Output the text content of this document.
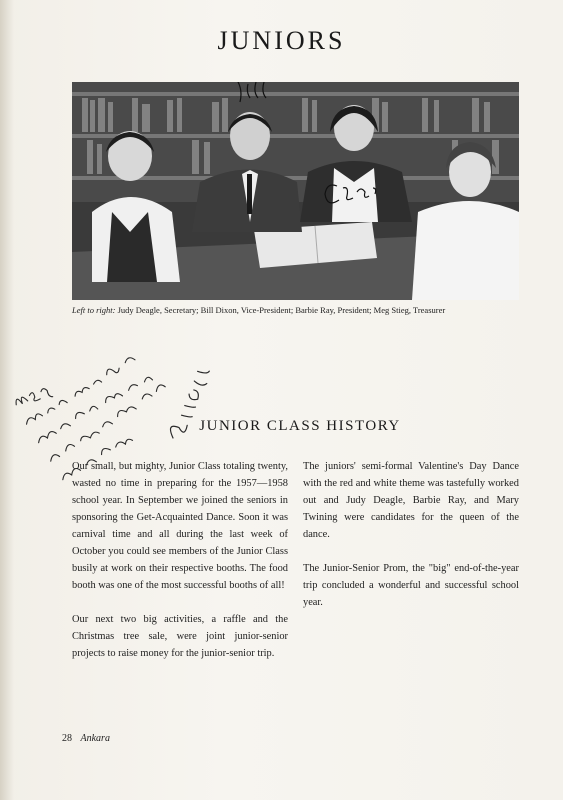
JUNIORS
Left to right: Judy Deagle, Secretary; Bill Dixon, Vice-President; Barbie Ray, President; Meg Stieg, Treasurer
JUNIOR CLASS HISTORY

Our small, but mighty, Junior Class totaling twenty, wasted no time in preparing for the 1957—1958 school year. In September we joined the seniors in sponsoring the Get-Acquainted Dance. Soon it was carnival time and all during the last week of October you could see members of the Junior Class busily at work on their respective booths. The food booth was one of the most successful booths of all!

Our next two big activities, a raffle and the Christmas tree sale, were joint junior-senior projects to raise money for the junior-senior trip.

The juniors' semi-formal Valentine's Day Dance with the red and white theme was tastefully worked out and Judy Deagle, Barbie Ray, and Mary Twining were candidates for the queen of the dance.

The Junior-Senior Prom, the "big" end-of-the-year trip concluded a wonderful and successful school year.

28 Ankara
